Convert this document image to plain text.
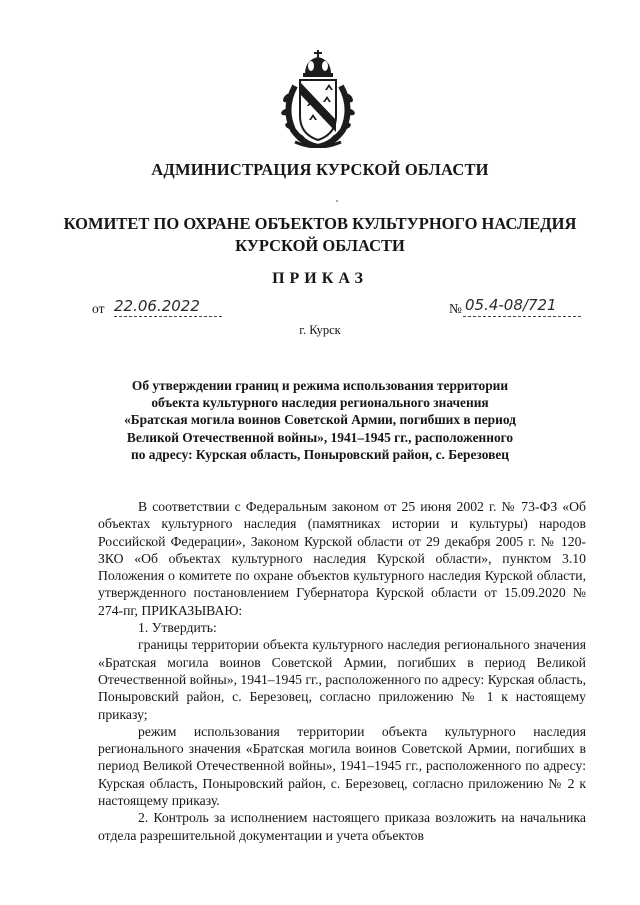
АДМИНИСТРАЦИЯ КУРСКОЙ ОБЛАСТИ
КОМИТЕТ ПО ОХРАНЕ ОБЪЕКТОВ КУЛЬТУРНОГО НАСЛЕДИЯ
КУРСКОЙ ОБЛАСТИ
ПРИКАЗ
от 22.06.2022	№ 05.4-08/721
г. Курск
Об утверждении границ и режима использования территории
объекта культурного наследия регионального значения
«Братская могила воинов Советской Армии, погибших в период
Великой Отечественной войны», 1941–1945 гг., расположенного
по адресу: Курская область, Поныровский район, с. Березовец

В соответствии с Федеральным законом от 25 июня 2002 г. № 73-ФЗ «Об объектах культурного наследия (памятниках истории и культуры) народов Российской Федерации», Законом Курской области от 29 декабря 2005 г. № 120-ЗКО «Об объектах культурного наследия Курской области», пунктом 3.10 Положения о комитете по охране объектов культурного наследия Курской области, утвержденного постановлением Губернатора Курской области от 15.09.2020 № 274-пг, ПРИКАЗЫВАЮ:

1. Утвердить:

границы территории объекта культурного наследия регионального значения «Братская могила воинов Советской Армии, погибших в период Великой Отечественной войны», 1941–1945 гг., расположенного по адресу: Курская область, Поныровский район, с. Березовец, согласно приложению № 1 к настоящему приказу;

режим использования территории объекта культурного наследия регионального значения «Братская могила воинов Советской Армии, погибших в период Великой Отечественной войны», 1941–1945 гг., расположенного по адресу: Курская область, Поныровский район, с. Березовец, согласно приложению № 2 к настоящему приказу.

2. Контроль за исполнением настоящего приказа возложить на начальника отдела разрешительной документации и учета объектов
